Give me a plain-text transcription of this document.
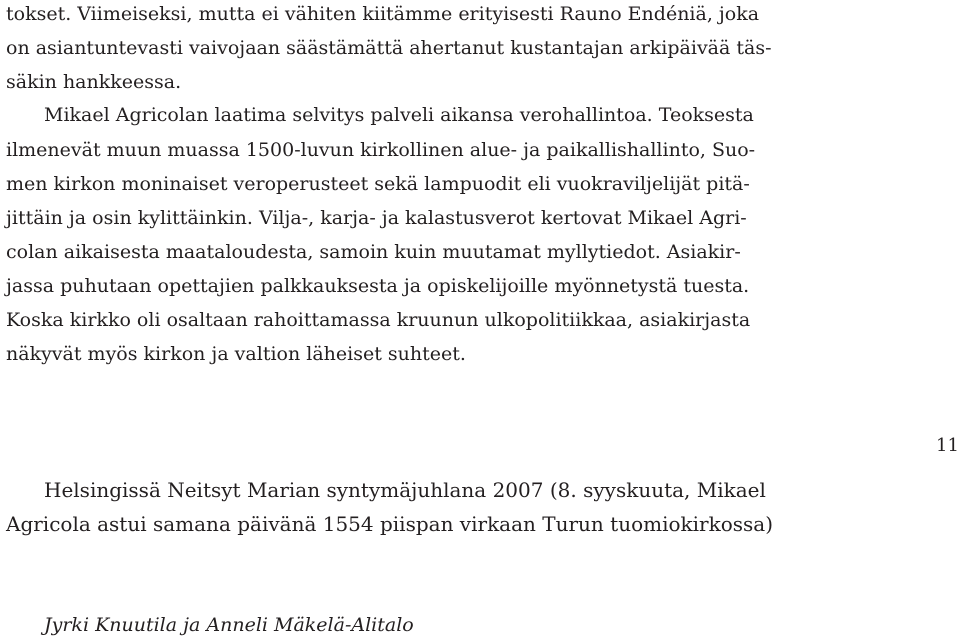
tokset. Viimeiseksi, mutta ei vähiten kiitämme erityisesti Rauno Endéniä, joka
on asiantuntevasti vaivojaan säästämättä ahertanut kustantajan arkipäivää täs-
säkin hankkeessa.
Mikael Agricolan laatima selvitys palveli aikansa verohallintoa. Teoksesta
ilmenevät muun muassa 1500-luvun kirkollinen alue- ja paikallishallinto, Suo-
men kirkon moninaiset veroperusteet sekä lampuodit eli vuokraviljelijät pitä-
jittäin ja osin kylittäinkin. Vilja-, karja- ja kalastusverot kertovat Mikael Agri-
colan aikaisesta maataloudesta, samoin kuin muutamat myllytiedot. Asiakir-
jassa puhutaan opettajien palkkauksesta ja opiskelijoille myönnetystä tuesta.
Koska kirkko oli osaltaan rahoittamassa kruunun ulkopolitiikkaa, asiakirjasta
näkyvät myös kirkon ja valtion läheiset suhteet.
11
Helsingissä Neitsyt Marian syntymäjuhlana 2007 (8. syyskuuta, Mikael
Agricola astui samana päivänä 1554 piispan virkaan Turun tuomiokirkossa)
Jyrki Knuutila ja Anneli Mäkelä-Alitalo
